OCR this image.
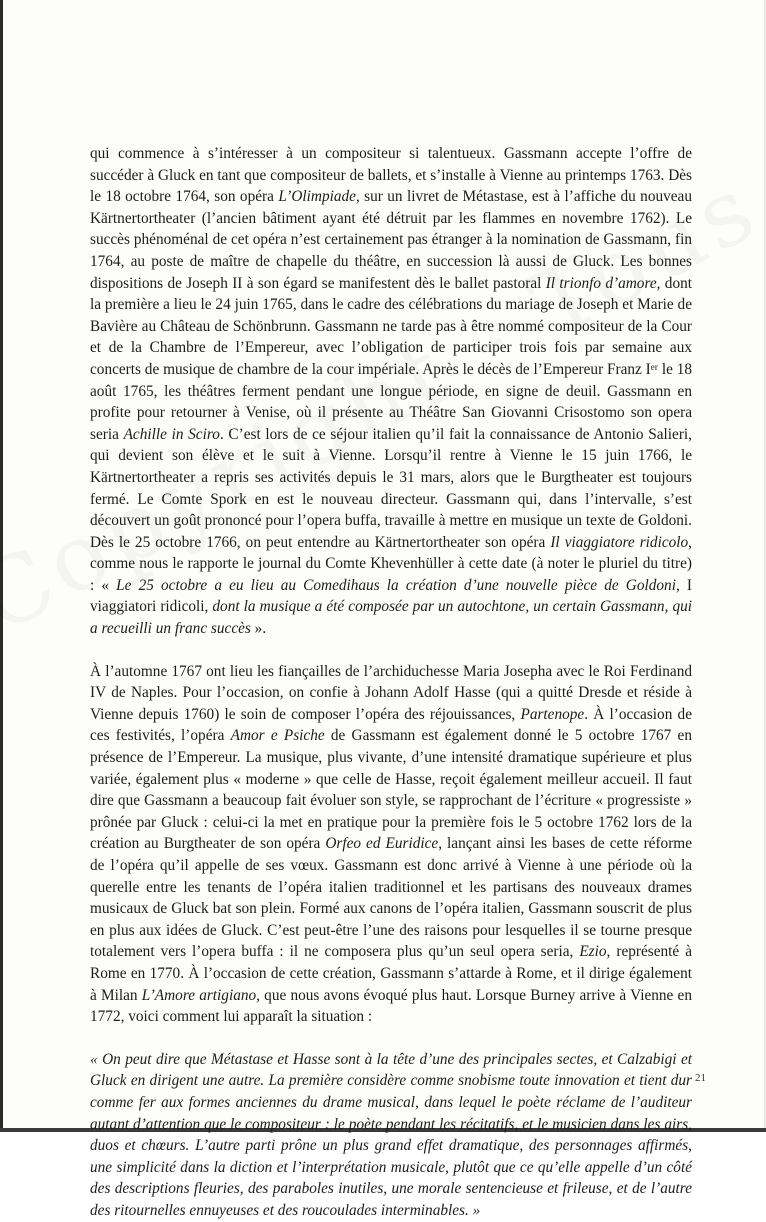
qui commence à s’intéresser à un compositeur si talentueux. Gassmann accepte l’offre de succéder à Gluck en tant que compositeur de ballets, et s’installe à Vienne au printemps 1763. Dès le 18 octobre 1764, son opéra L’Olimpiade, sur un livret de Métastase, est à l’affiche du nouveau Kärtnertortheater (l’ancien bâtiment ayant été détruit par les flammes en novembre 1762). Le succès phénoménal de cet opéra n’est certainement pas étranger à la nomination de Gassmann, fin 1764, au poste de maître de chapelle du théâtre, en succession là aussi de Gluck. Les bonnes dispositions de Joseph II à son égard se manifestent dès le ballet pastoral Il trionfo d’amore, dont la première a lieu le 24 juin 1765, dans le cadre des célébrations du mariage de Joseph et Marie de Bavière au Château de Schönbrunn. Gassmann ne tarde pas à être nommé compositeur de la Cour et de la Chambre de l’Empereur, avec l’obligation de participer trois fois par semaine aux concerts de musique de chambre de la cour impériale. Après le décès de l’Empereur Franz Iᵉʳ le 18 août 1765, les théâtres ferment pendant une longue période, en signe de deuil. Gassmann en profite pour retourner à Venise, où il présente au Théâtre San Giovanni Crisostomo son opera seria Achille in Sciro. C’est lors de ce séjour italien qu’il fait la connaissance de Antonio Salieri, qui devient son élève et le suit à Vienne. Lorsqu’il rentre à Vienne le 15 juin 1766, le Kärtnertortheater a repris ses activités depuis le 31 mars, alors que le Burgtheater est toujours fermé. Le Comte Spork en est le nouveau directeur. Gassmann qui, dans l’intervalle, s’est découvert un goût prononcé pour l’opera buffa, travaille à mettre en musique un texte de Goldoni. Dès le 25 octobre 1766, on peut entendre au Kärtnertortheater son opéra Il viaggiatore ridicolo, comme nous le rapporte le journal du Comte Khevenhüller à cette date (à noter le pluriel du titre) : « Le 25 octobre a eu lieu au Comedihaus la création d’une nouvelle pièce de Goldoni, I viaggiatori ridicoli, dont la musique a été composée par un autochtone, un certain Gassmann, qui a recueilli un franc succès ».

À l’automne 1767 ont lieu les fiançailles de l’archiduchesse Maria Josepha avec le Roi Ferdinand IV de Naples. Pour l’occasion, on confie à Johann Adolf Hasse (qui a quitté Dresde et réside à Vienne depuis 1760) le soin de composer l’opéra des réjouissances, Partenope. À l’occasion de ces festivités, l’opéra Amor e Psiche de Gassmann est également donné le 5 octobre 1767 en présence de l’Empereur. La musique, plus vivante, d’une intensité dramatique supérieure et plus variée, également plus « moderne » que celle de Hasse, reçoit également meilleur accueil. Il faut dire que Gassmann a beaucoup fait évoluer son style, se rapprochant de l’écriture « progressiste » prônée par Gluck : celui-ci la met en pratique pour la première fois le 5 octobre 1762 lors de la création au Burgtheater de son opéra Orfeo ed Euridice, lançant ainsi les bases de cette réforme de l’opéra qu’il appelle de ses vœux. Gassmann est donc arrivé à Vienne à une période où la querelle entre les tenants de l’opéra italien traditionnel et les partisans des nouveaux drames musicaux de Gluck bat son plein. Formé aux canons de l’opéra italien, Gassmann souscrit de plus en plus aux idées de Gluck. C’est peut-être l’une des raisons pour lesquelles il se tourne presque totalement vers l’opera buffa : il ne composera plus qu’un seul opera seria, Ezio, représenté à Rome en 1770. À l’occasion de cette création, Gassmann s’attarde à Rome, et il dirige également à Milan L’Amore artigiano, que nous avons évoqué plus haut. Lorsque Burney arrive à Vienne en 1772, voici comment lui apparaît la situation :

« On peut dire que Métastase et Hasse sont à la tête d’une des principales sectes, et Calzabigi et Gluck en dirigent une autre. La première considère comme snobisme toute innovation et tient dur comme fer aux formes anciennes du drame musical, dans lequel le poète réclame de l’auditeur autant d’attention que le compositeur : le poète pendant les récitatifs, et le musicien dans les airs, duos et chœurs. L’autre parti prône un plus grand effet dramatique, des personnages affirmés, une simplicité dans la diction et l’interprétation musicale, plutôt que ce qu’elle appelle d’un côté des descriptions fleuries, des paraboles inutiles, une morale sentencieuse et frileuse, et de l’autre des ritournelles ennuyeuses et des roucoulades interminables. »

21
